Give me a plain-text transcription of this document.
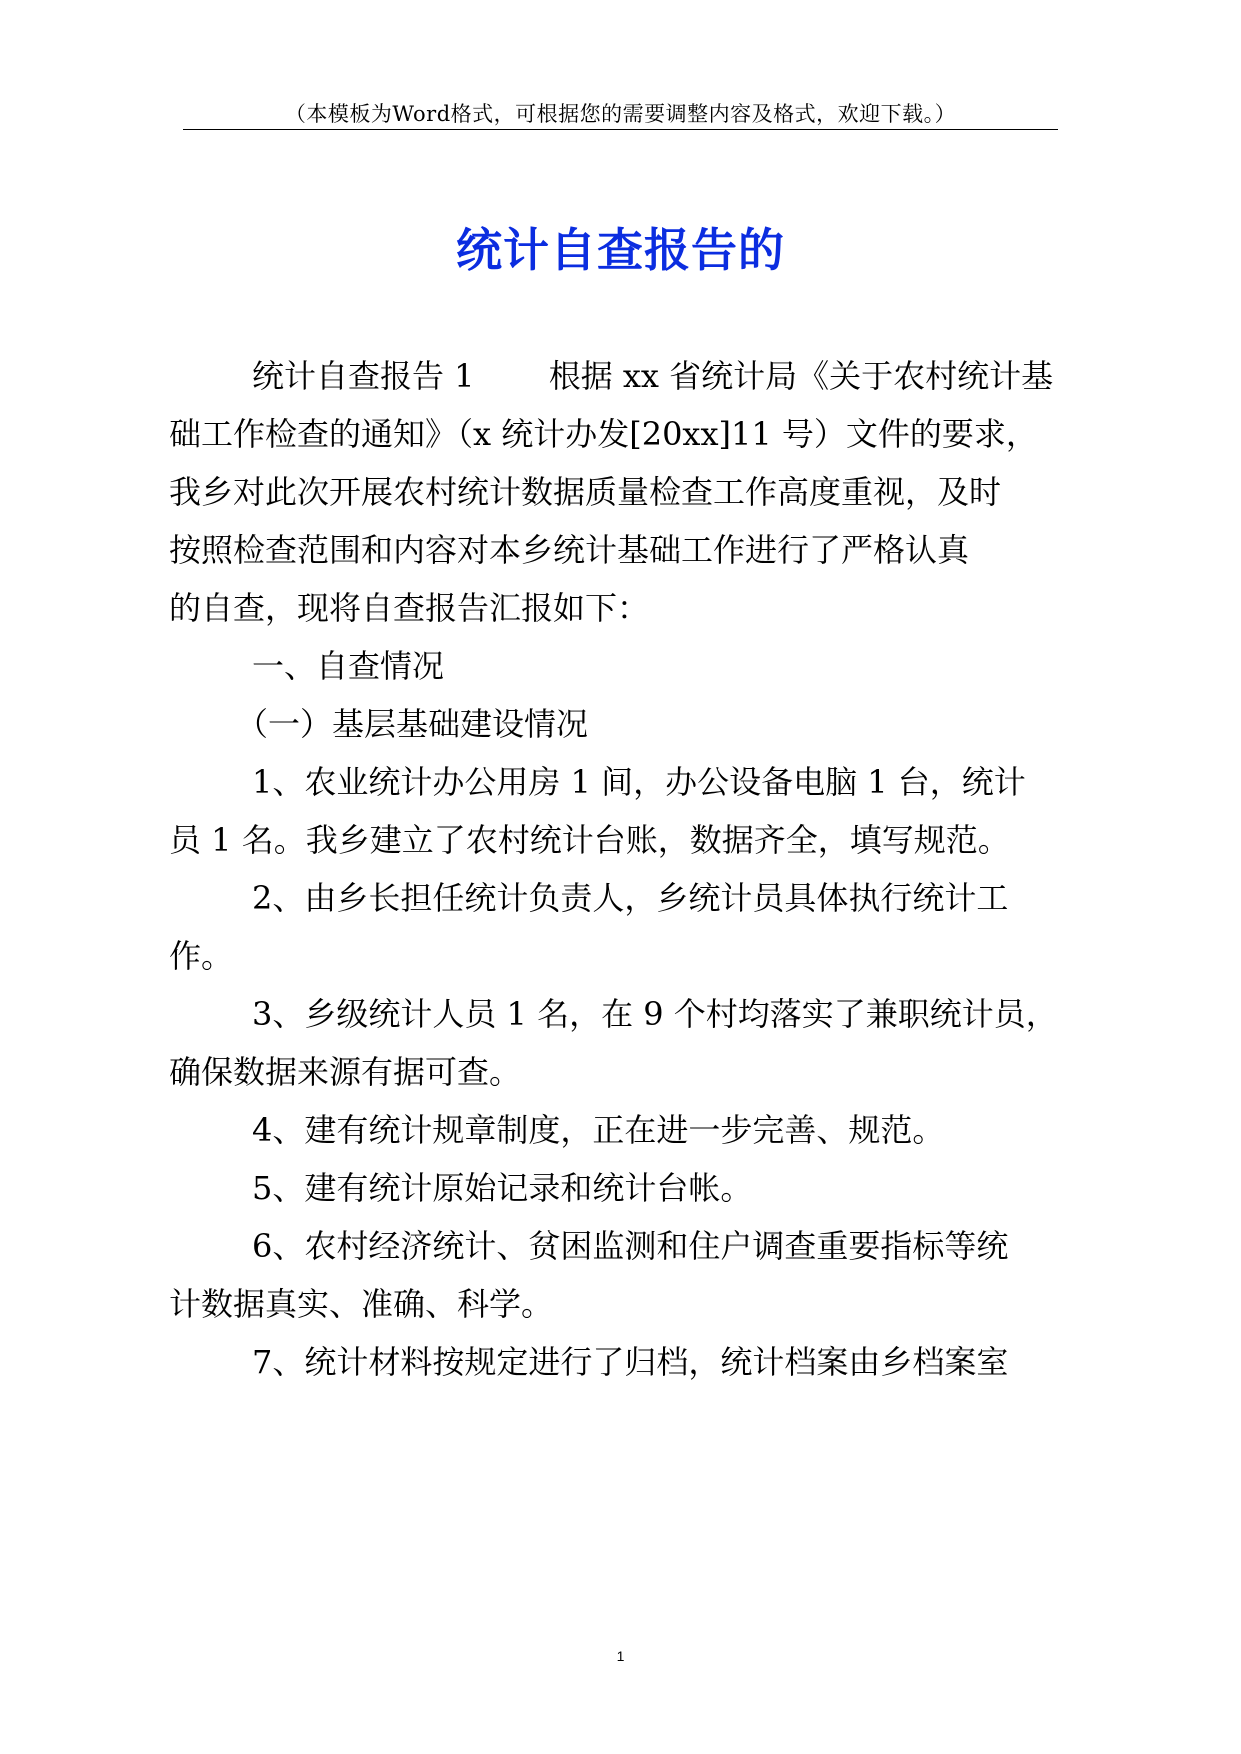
（本模板为Word格式，可根据您的需要调整内容及格式，欢迎下载。）
统计自查报告的
统计自查报告 1　　 根据 xx 省统计局《关于农村统计基
础工作检查的通知》（x 统计办发[20xx]11 号）文件的要求，
我乡对此次开展农村统计数据质量检查工作高度重视，及时
按照检查范围和内容对本乡统计基础工作进行了严格认真
的自查，现将自查报告汇报如下：
一、自查情况
（一）基层基础建设情况
1、农业统计办公用房 1 间，办公设备电脑 1 台，统计
员 1 名。我乡建立了农村统计台账，数据齐全，填写规范。
2、由乡长担任统计负责人，乡统计员具体执行统计工
作。
3、乡级统计人员 1 名，在 9 个村均落实了兼职统计员，
确保数据来源有据可查。
4、建有统计规章制度，正在进一步完善、规范。
5、建有统计原始记录和统计台帐。
6、农村经济统计、贫困监测和住户调查重要指标等统
计数据真实、准确、科学。
7、统计材料按规定进行了归档，统计档案由乡档案室
1
